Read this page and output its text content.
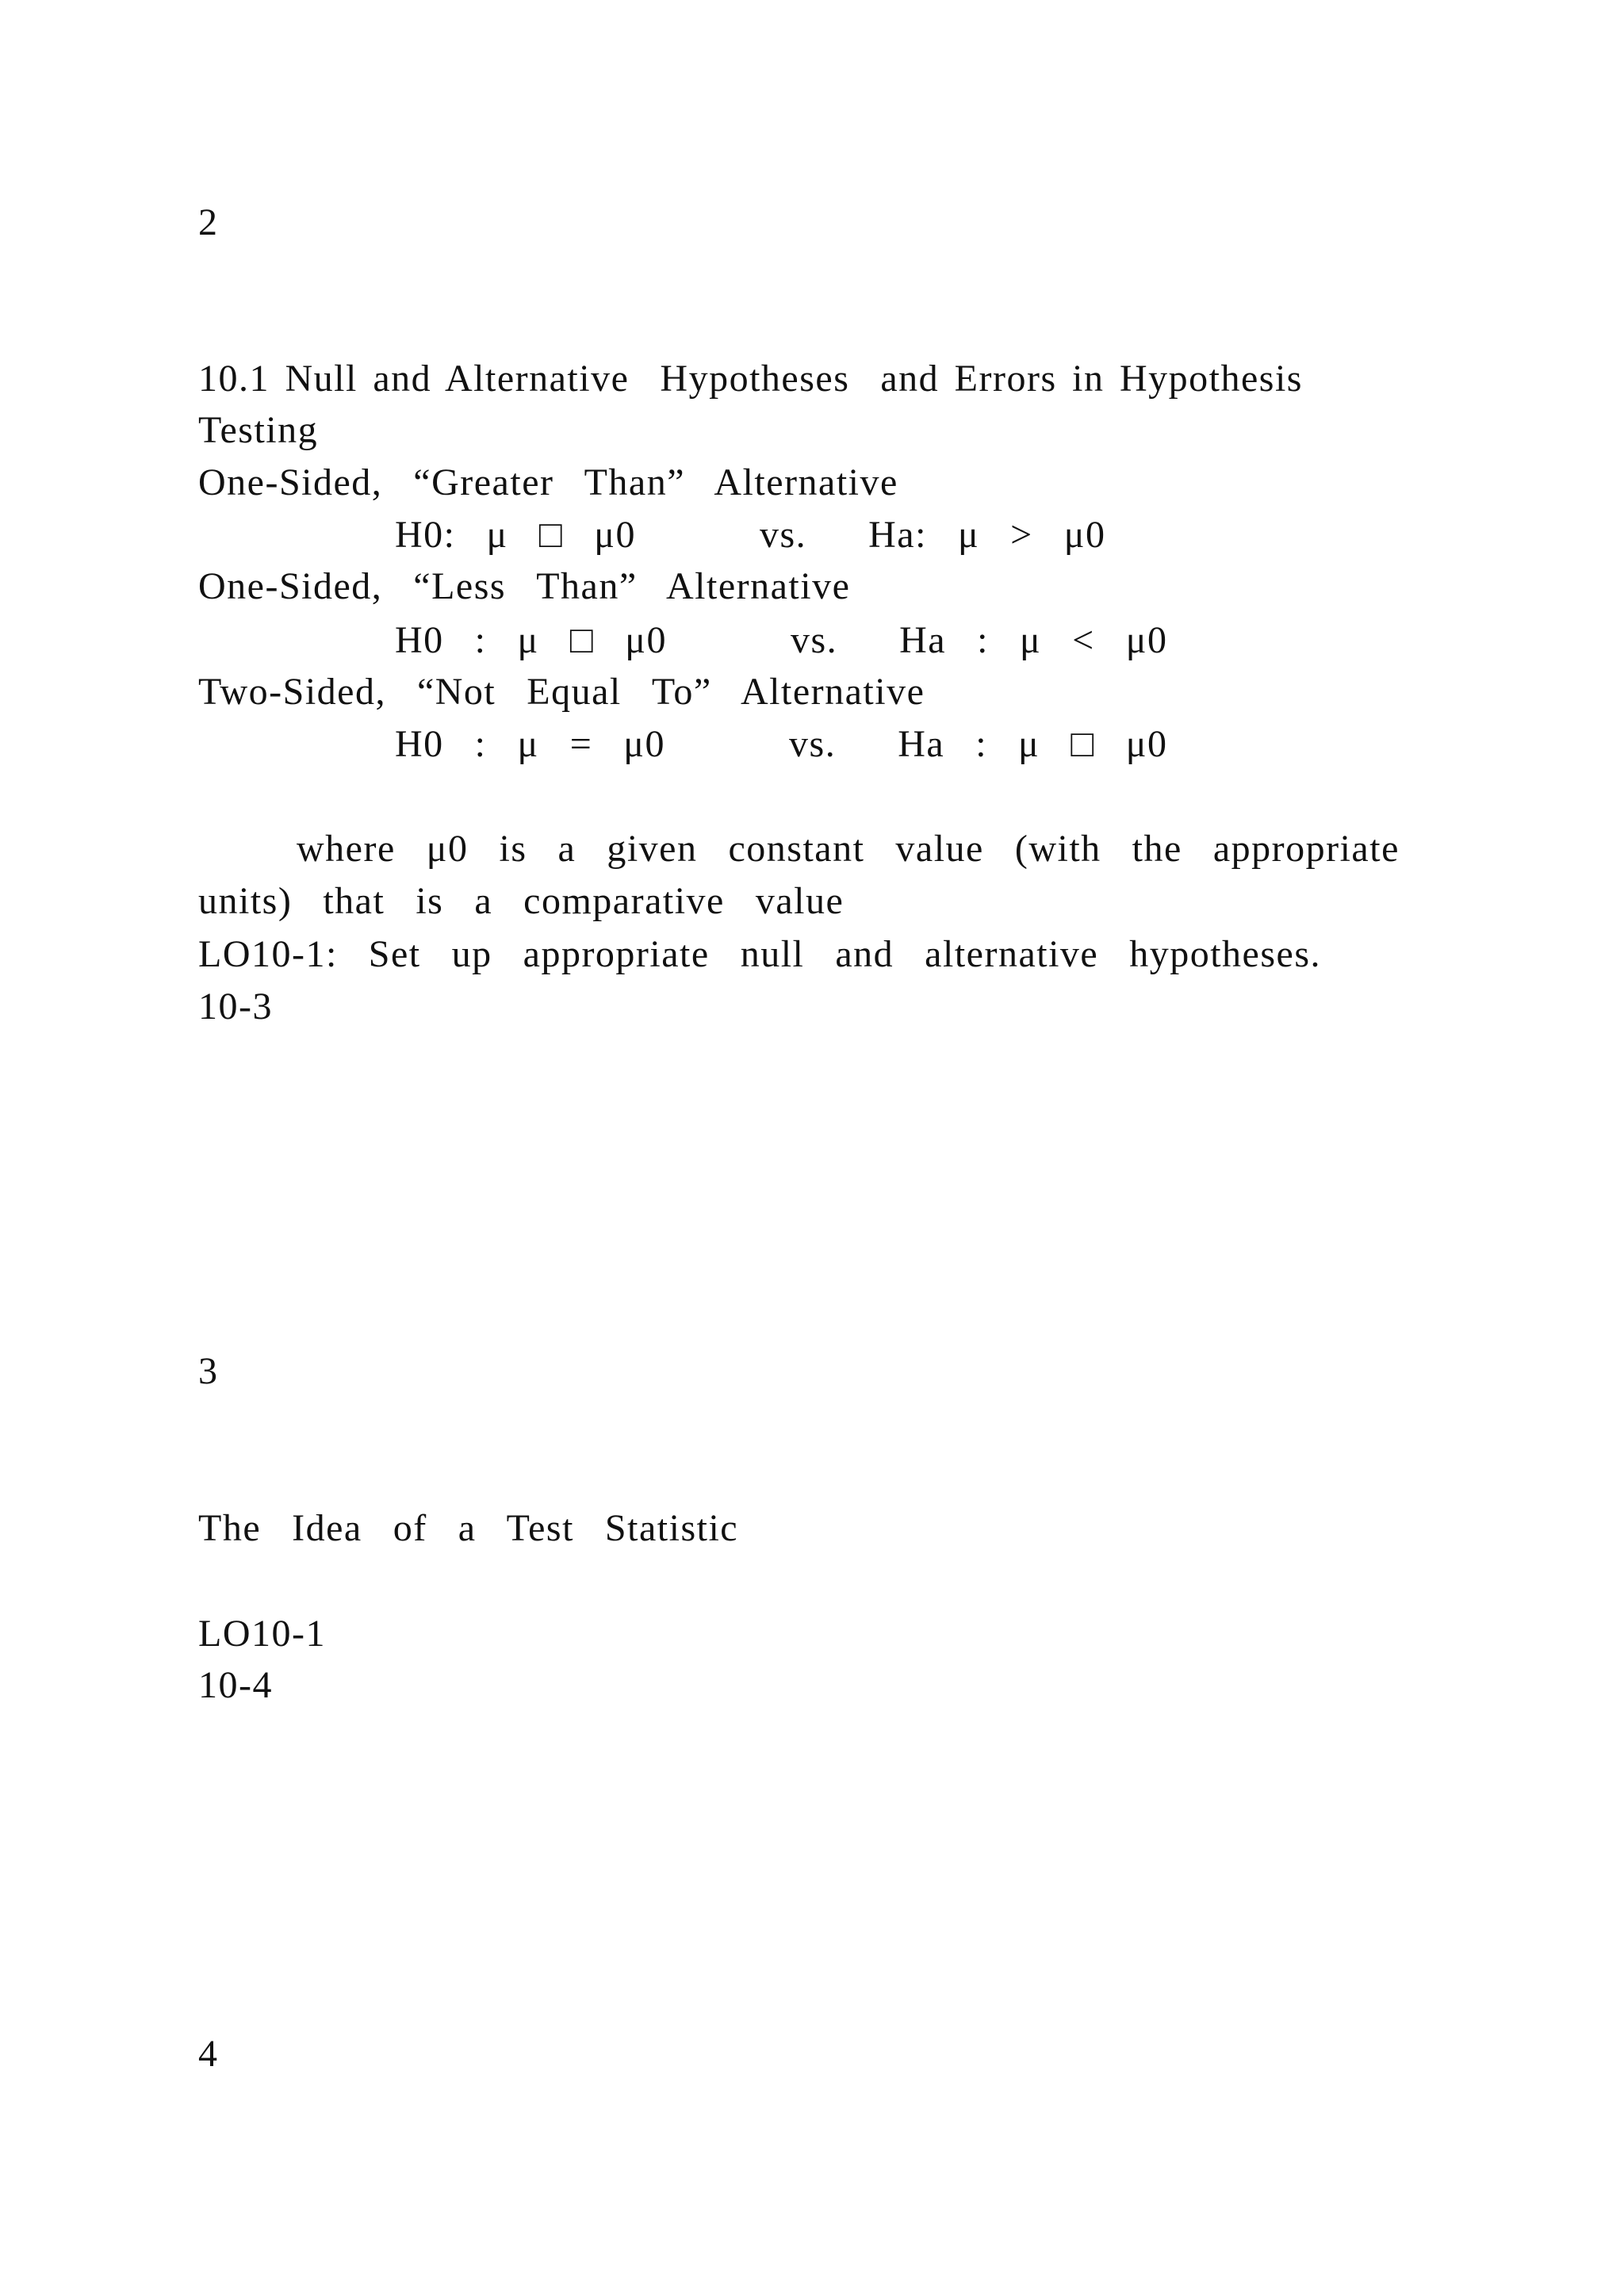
2
10.1 Null and Alternative  Hypotheses  and Errors in Hypothesis
Testing
One-Sided,  “Greater  Than”  Alternative
H0:  μ  □  μ0        vs.    Ha:  μ  >  μ0
One-Sided,  “Less  Than”  Alternative
H0  :  μ  □  μ0        vs.    Ha  :  μ  <  μ0
Two-Sided,  “Not  Equal  To”  Alternative
H0  :  μ  =  μ0        vs.    Ha  :  μ  □  μ0
where  μ0  is  a  given  constant  value  (with  the  appropriate
units)  that  is  a  comparative  value
LO10-1:  Set  up  appropriate  null  and  alternative  hypotheses.
10-3
3
The  Idea  of  a  Test  Statistic
LO10-1
10-4
4
